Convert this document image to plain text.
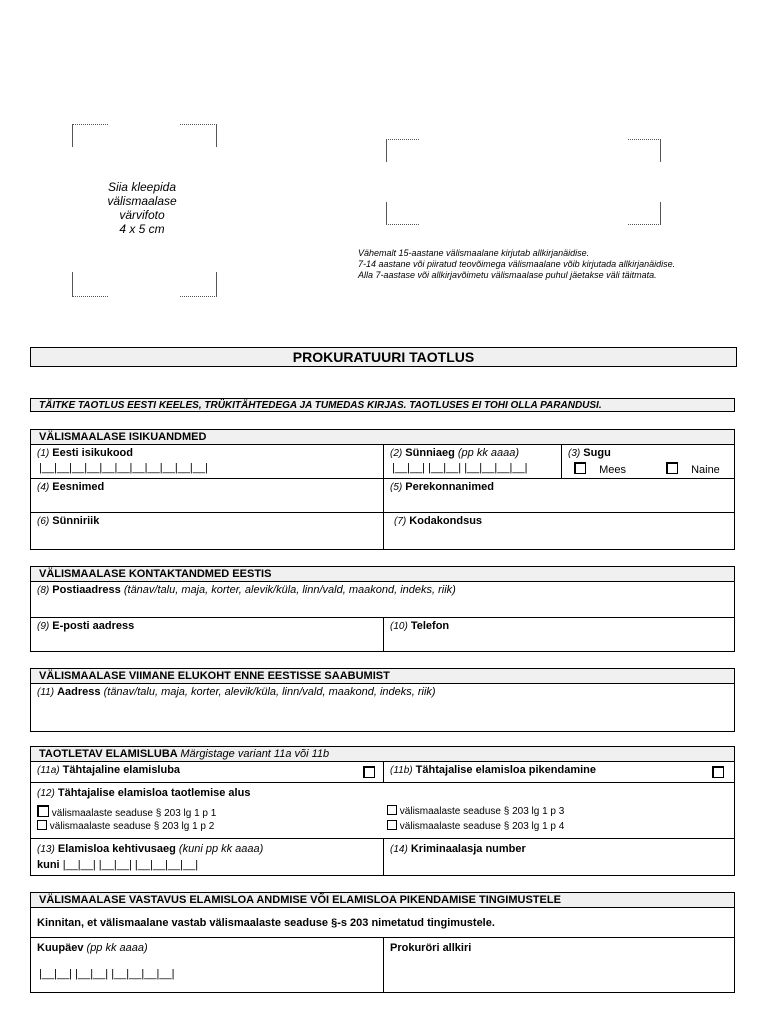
Siia kleepida
välismaalase
värvifoto
4 x 5 cm
Vähemalt 15-aastane välismaalane kirjutab allkirjanäidise.
7-14 aastane või piiratud teovõimega välismaalane võib kirjutada allkirjanäidise.
Alla 7-aastase või allkirjavõimetu välismaalase puhul jäetakse väli täitmata.
PROKURATUURI TAOTLUS
TÄITKE TAOTLUS EESTI KEELES, TRÜKITÄHTEDEGA JA TUMEDAS KIRJAS. TAOTLUSES EI TOHI OLLA PARANDUSI.
VÄLISMAALASE ISIKUANDMED
(1) Eesti isikukood
|__|__|__|__|__|__|__|__|__|__|__|
(2) Sünniaeg (pp kk aaaa)
|__|__| |__|__| |__|__|__|__|
(3) Sugu
Mees	Naine
(4) Eesnimed	(5) Perekonnanimed
(6) Sünniriik	(7) Kodakondsus
VÄLISMAALASE KONTAKTANDMED EESTIS
(8) Postiaadress (tänav/talu, maja, korter, alevik/küla, linn/vald, maakond, indeks, riik)
(9) E-posti aadress	(10) Telefon
VÄLISMAALASE VIIMANE ELUKOHT ENNE EESTISSE SAABUMIST
(11) Aadress (tänav/talu, maja, korter, alevik/küla, linn/vald, maakond, indeks, riik)
TAOTLETAV ELAMISLUBA Märgistage variant 11a või 11b
(11a) Tähtajaline elamisluba	(11b) Tähtajalise elamisloa pikendamine
(12) Tähtajalise elamisloa taotlemise alus
välismaalaste seaduse § 203 lg 1 p 1
välismaalaste seaduse § 203 lg 1 p 2
välismaalaste seaduse § 203 lg 1 p 3
välismaalaste seaduse § 203 lg 1 p 4
(13) Elamisloa kehtivusaeg (kuni pp kk aaaa)
kuni |__|__| |__|__| |__|__|__|__|
(14) Kriminaalasja number
VÄLISMAALASE VASTAVUS ELAMISLOA ANDMISE VÕI ELAMISLOA PIKENDAMISE TINGIMUSTELE
Kinnitan, et välismaalane vastab välismaalaste seaduse §-s 203 nimetatud tingimustele.
Kuupäev (pp kk aaaa)
|__|__| |__|__| |__|__|__|__|
Prokuröri allkiri
